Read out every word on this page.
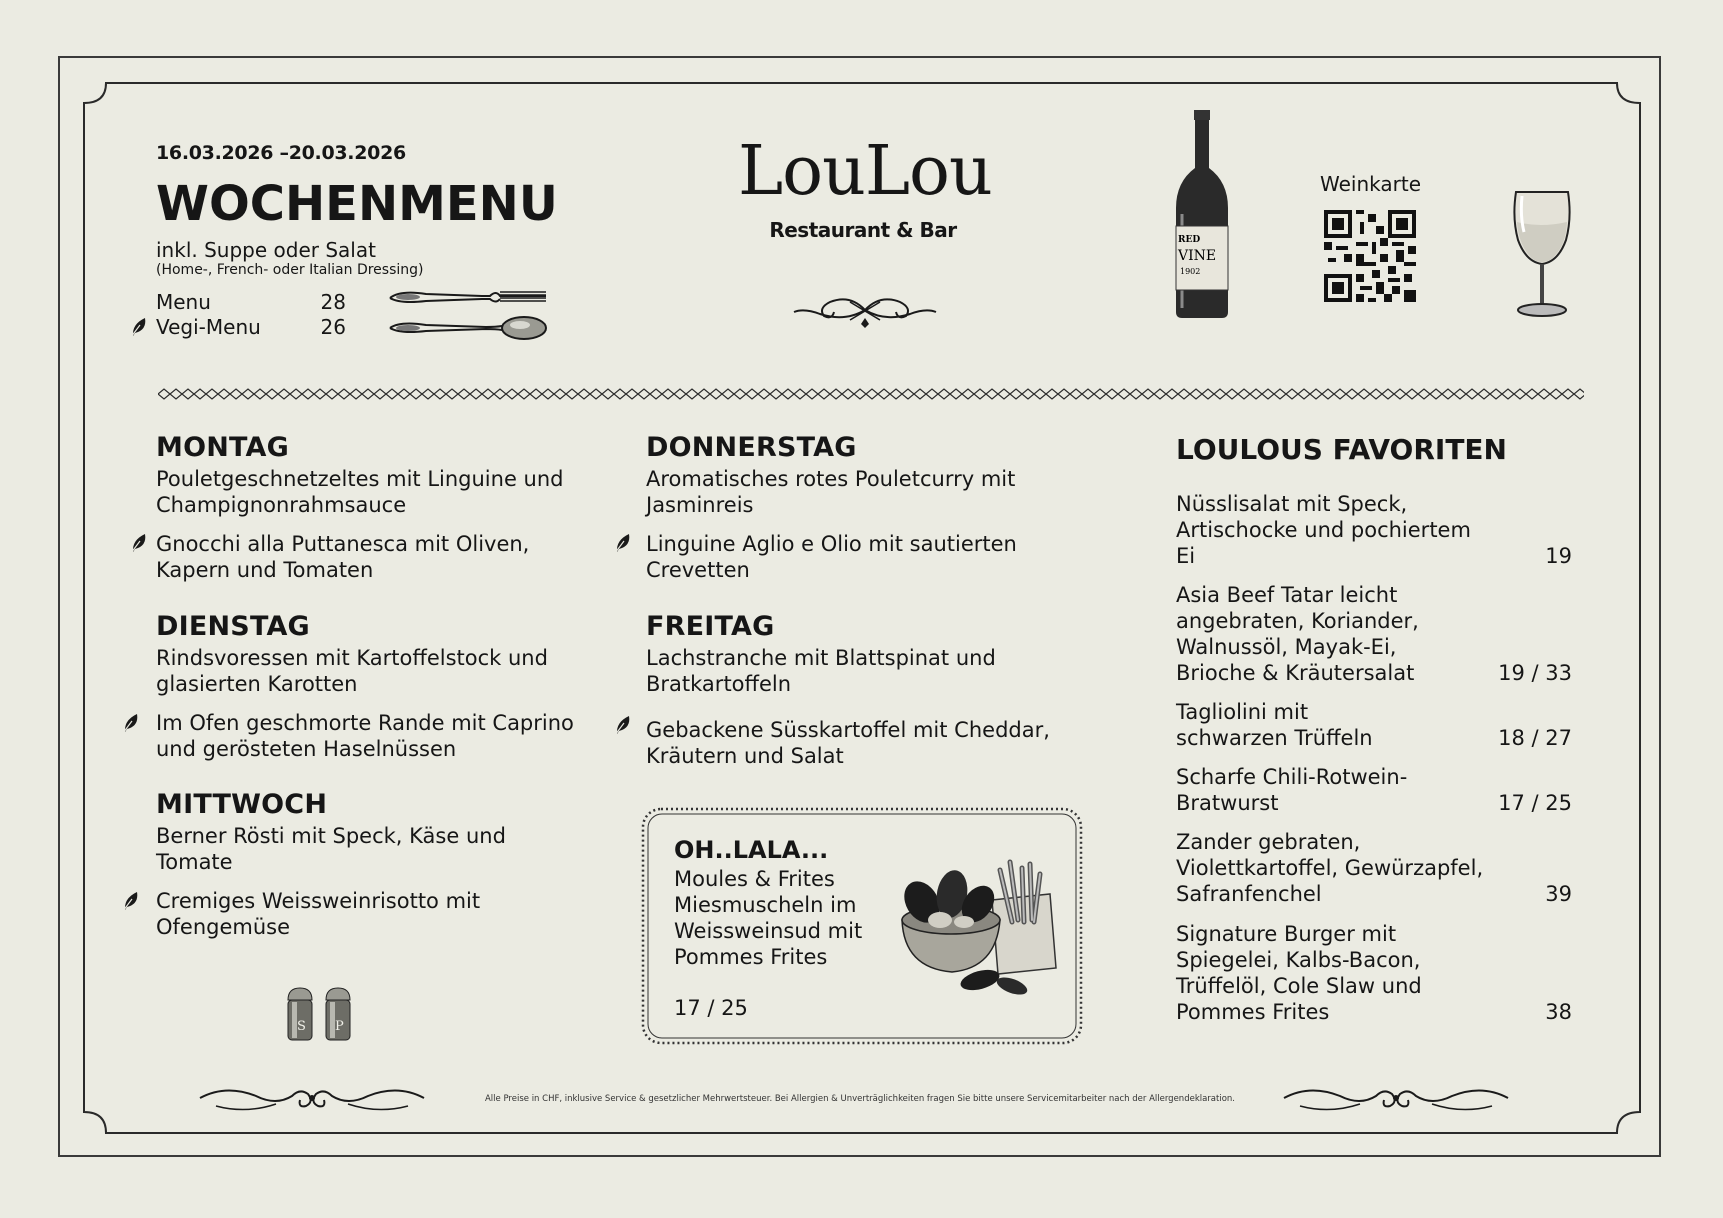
16.03.2026 –20.03.2026
WOCHENMENU
inkl. Suppe oder Salat
(Home-, French- oder Italian Dressing)
Menu	28
Vegi-Menu	26
LouLou
Restaurant & Bar	RED
VINE
1902
Weinkarte
MONTAG
Pouletgeschnetzeltes mit Linguine und Champignonrahmsauce
Gnocchi alla Puttanesca mit Oliven, Kapern und Tomaten
DIENSTAG
Rindsvoressen mit Kartoffelstock und glasierten Karotten
Im Ofen geschmorte Rande mit Caprino und gerösteten Haselnüssen
MITTWOCH
Berner Rösti mit Speck, Käse und Tomate
Cremiges Weissweinrisotto mit Ofengemüse
S P
DONNERSTAG
Aromatisches rotes Pouletcurry mit Jasminreis
Linguine Aglio e Olio mit sautierten Crevetten
FREITAG
Lachstranche mit Blattspinat und Bratkartoffeln
Gebackene Süsskartoffel mit Cheddar, Kräutern und Salat
OH..LALA...
Moules & Frites
Miesmuscheln im Weissweinsud mit Pommes Frites
17 / 25
LOULOUS FAVORITEN
Nüsslisalat mit Speck, Artischocke und pochiertem Ei	19
Asia Beef Tatar leicht angebraten, Koriander, Walnussöl, Mayak-Ei, Brioche & Kräutersalat	19 / 33
Tagliolini mit schwarzen Trüffeln	18 / 27
Scharfe Chili-Rotwein-Bratwurst	17 / 25
Zander gebraten, Violettkartoffel, Gewürzapfel, Safranfenchel	39
Signature Burger mit Spiegelei, Kalbs-Bacon, Trüffelöl, Cole Slaw und Pommes Frites	38
Alle Preise in CHF, inklusive Service & gesetzlicher Mehrwertsteuer. Bei Allergien & Unverträglichkeiten fragen Sie bitte unsere Servicemitarbeiter nach der Allergendeklaration.
